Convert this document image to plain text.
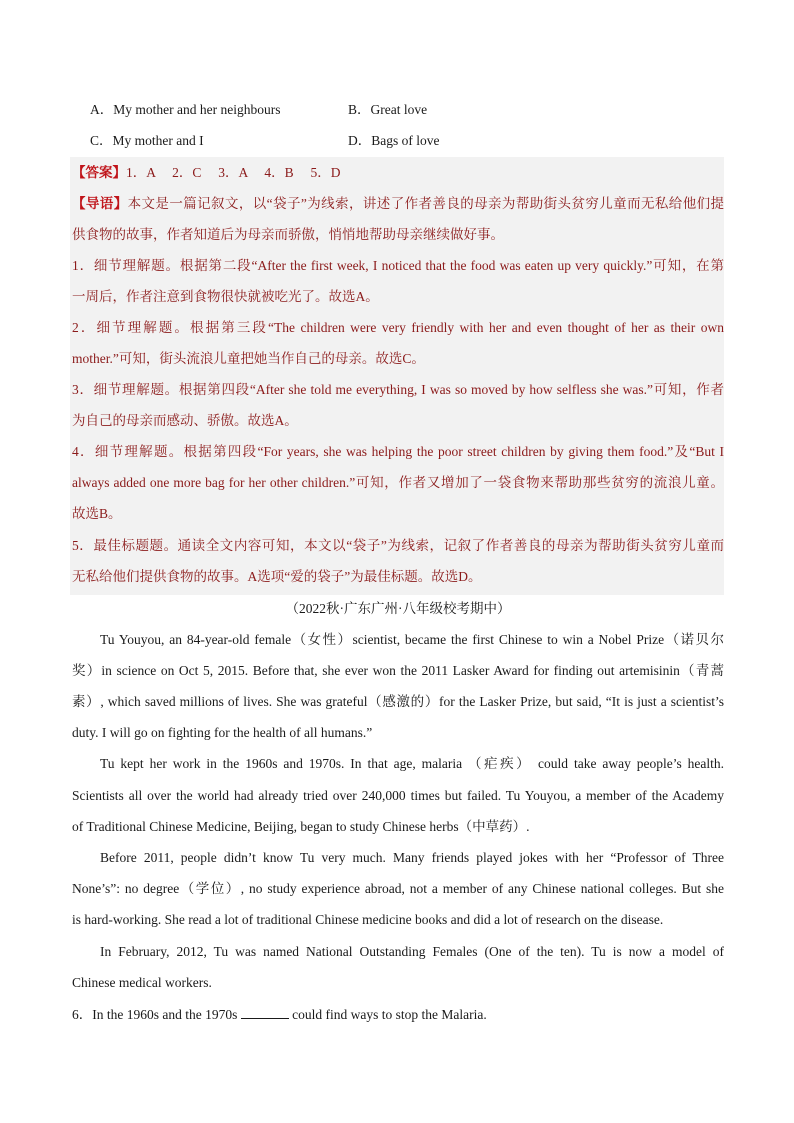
A．My mother and her neighbours	B．Great love
C．My mother and I	D．Bags of love
【答案】1．A　 2．C　 3．A　 4．B　 5．D
【导语】本文是一篇记叙文，以“袋子”为线索，讲述了作者善良的母亲为帮助街头贫穷儿童而无私给他们提
供食物的故事，作者知道后为母亲而骄傲，悄悄地帮助母亲继续做好事。
1．细节理解题。根据第二段“After the first week, I noticed that the food was eaten up very quickly.”可知，在第
一周后，作者注意到食物很快就被吃光了。故选A。
2．细节理解题。根据第三段“The children were very friendly with her and even thought of her as their own
mother.”可知，街头流浪儿童把她当作自己的母亲。故选C。
3．细节理解题。根据第四段“After she told me everything, I was so moved by how selfless she was.”可知，作者
为自己的母亲而感动、骄傲。故选A。
4．细节理解题。根据第四段“For years, she was helping the poor street children by giving them food.”及“But I
always added one more bag for her other children.”可知，作者又增加了一袋食物来帮助那些贫穷的流浪儿童。
故选B。
5．最佳标题题。通读全文内容可知，本文以“袋子”为线索，记叙了作者善良的母亲为帮助街头贫穷儿童而
无私给他们提供食物的故事。A选项“爱的袋子”为最佳标题。故选D。
（2022秋·广东广州·八年级校考期中）
Tu Youyou, an 84-year-old female（女性）scientist, became the first Chinese to win a Nobel Prize（诺贝尔
奖）in science on Oct 5, 2015. Before that, she ever won the 2011 Lasker Award for finding out artemisinin（青蒿
素）, which saved millions of lives. She was grateful（感激的）for the Lasker Prize, but said, “It is just a scientist’s
duty. I will go on fighting for the health of all humans.”
Tu kept her work in the 1960s and 1970s. In that age, malaria （疟疾） could take away people’s health.
Scientists all over the world had already tried over 240,000 times but failed. Tu Youyou, a member of the Academy
of Traditional Chinese Medicine, Beijing, began to study Chinese herbs（中草药）.
Before 2011, people didn’t know Tu very much. Many friends played jokes with her “Professor of Three
None’s”: no degree（学位）, no study experience abroad, not a member of any Chinese national colleges. But she
is hard-working. She read a lot of traditional Chinese medicine books and did a lot of research on the disease.
In February, 2012, Tu was named National Outstanding Females (One of the ten). Tu is now a model of
Chinese medical workers.
6．In the 1960s and the 1970s	could find ways to stop the Malaria.
